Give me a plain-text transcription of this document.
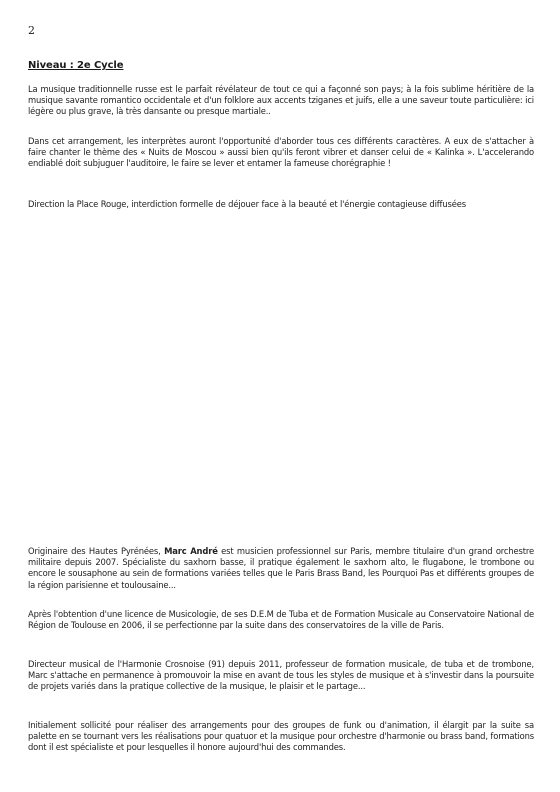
2
Niveau : 2e Cycle

La musique traditionnelle russe est le parfait révélateur de tout ce qui a façonné son pays; à la fois sublime héritière de la musique savante romantico occidentale et d'un folklore aux accents tziganes et juifs, elle a une saveur toute particulière: ici légère ou plus grave, là très dansante ou presque martiale..

Dans cet arrangement, les interprètes auront l'opportunité d'aborder tous ces différents caractères. A eux de s'attacher à faire chanter le thème des « Nuits de Moscou » aussi bien qu'ils feront vibrer et danser celui de « Kalinka ». L'accelerando endiablé doit subjuguer l'auditoire, le faire se lever et entamer la fameuse chorégraphie !

Direction la Place Rouge, interdiction formelle de déjouer face à la beauté et l'énergie contagieuse diffusées

Originaire des Hautes Pyrénées, Marc André est musicien professionnel sur Paris, membre titulaire d'un grand orchestre militaire depuis 2007. Spécialiste du saxhorn basse, il pratique également le saxhorn alto, le flugabone, le trombone ou encore le sousaphone au sein de formations variées telles que le Paris Brass Band, les Pourquoi Pas et différents groupes de la région parisienne et toulousaine...

Après l'obtention d'une licence de Musicologie, de ses D.E.M de Tuba et de Formation Musicale au Conservatoire National de Région de Toulouse en 2006, il se perfectionne par la suite dans des conservatoires de la ville de Paris.

Directeur musical de l'Harmonie Crosnoise (91) depuis 2011, professeur de formation musicale, de tuba et de trombone, Marc s'attache en permanence à promouvoir la mise en avant de tous les styles de musique et à s'investir dans la poursuite de projets variés dans la pratique collective de la musique, le plaisir et le partage...

Initialement sollicité pour réaliser des arrangements pour des groupes de funk ou d'animation, il élargit par la suite sa palette en se tournant vers les réalisations pour quatuor et la musique pour orchestre d'harmonie ou brass band, formations dont il est spécialiste et pour lesquelles il honore aujourd'hui des commandes.
